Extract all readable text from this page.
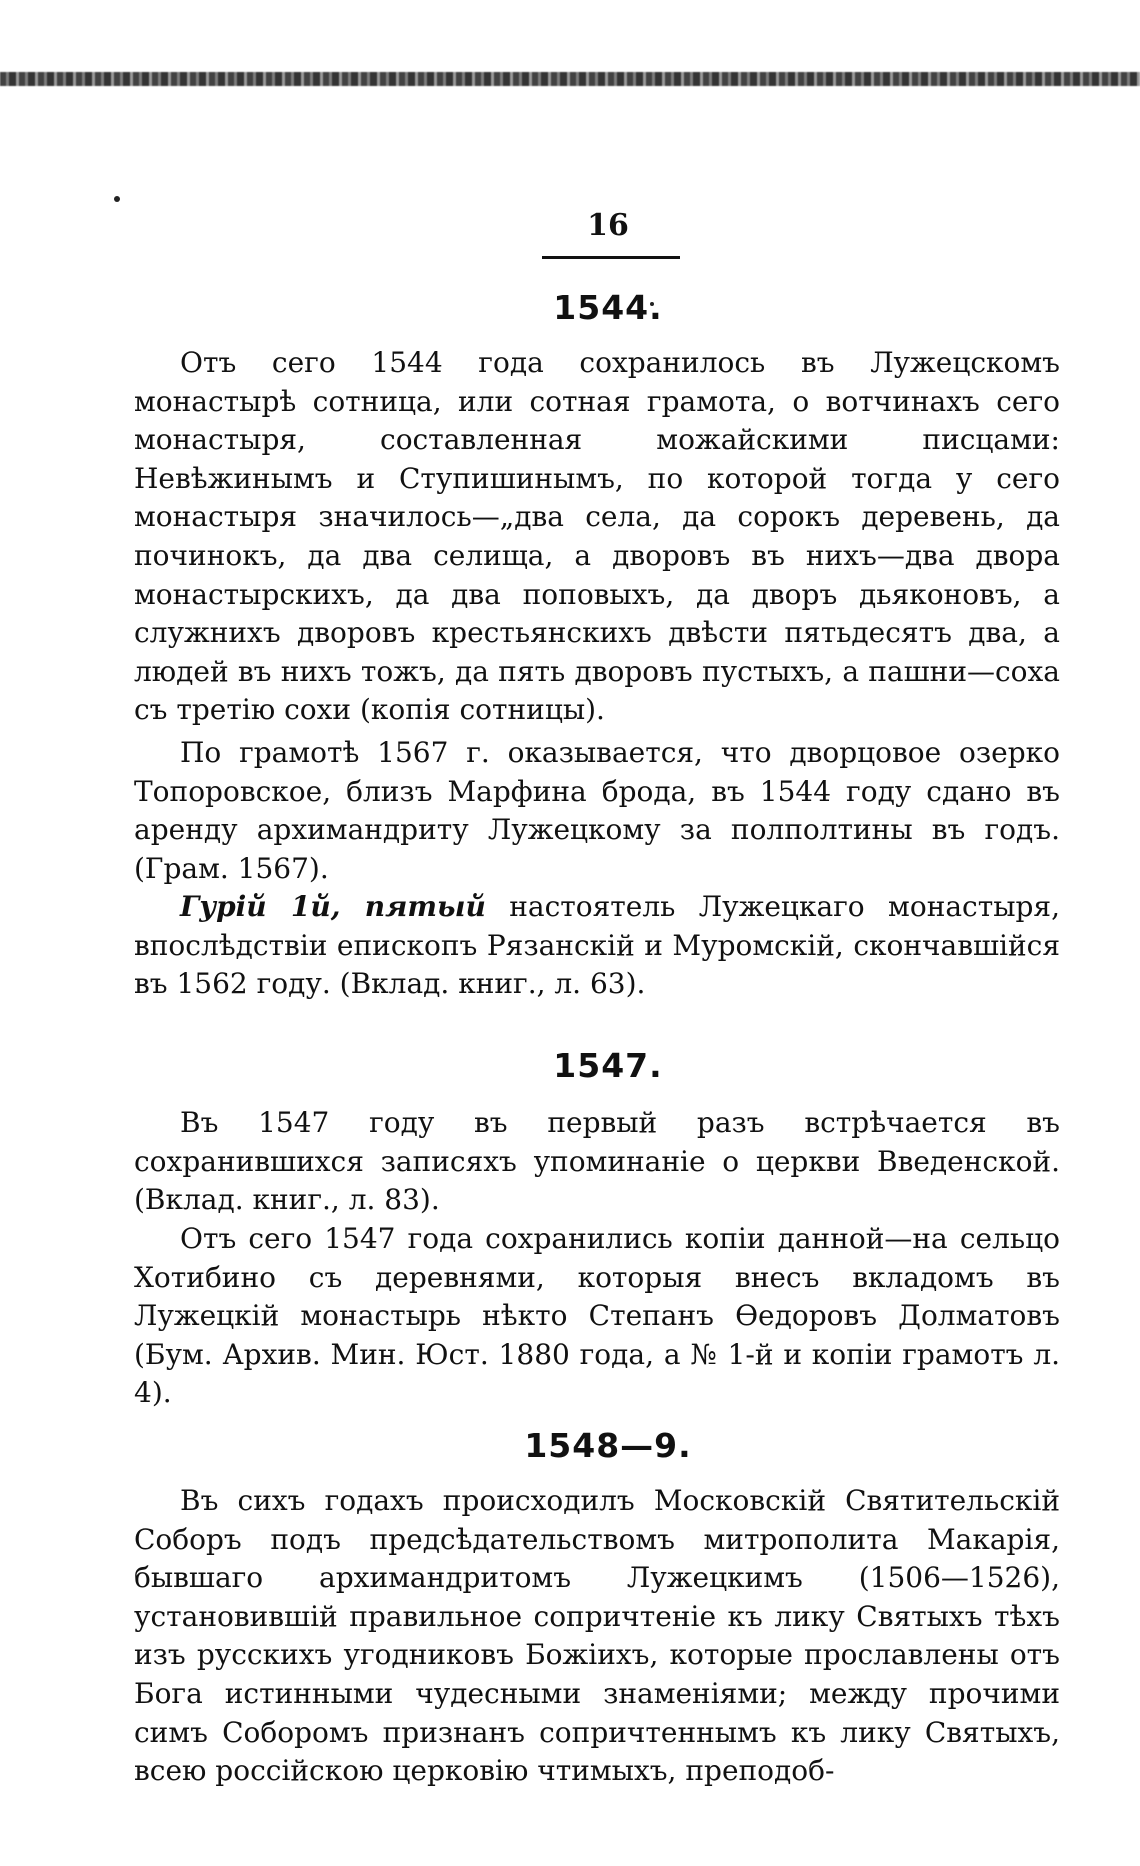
16
1544.

Отъ сего 1544 года сохранилось въ Лужецскомъ монастырѣ сотница, или сотная грамота, о вотчинахъ сего монастыря, составленная можайскими писцами: Невѣжинымъ и Ступишинымъ, по которой тогда у сего монастыря значилось—„два села, да сорокъ деревень, да починокъ, да два селища, а дворовъ въ нихъ—два двора монастырскихъ, да два поповыхъ, да дворъ дьяконовъ, а служнихъ дворовъ крестьянскихъ двѣсти пятьдесятъ два, а людей въ нихъ тожъ, да пять дворовъ пустыхъ, а пашни—соха съ третію сохи (копія сотницы).

По грамотѣ 1567 г. оказывается, что дворцовое озерко Топоровское, близъ Марфина брода, въ 1544 году сдано въ аренду архимандриту Лужецкому за полполтины въ годъ. (Грам. 1567).

Гурій 1й, пятый настоятель Лужецкаго монастыря, впослѣдствіи епископъ Рязанскій и Муромскій, скончавшійся въ 1562 году. (Вклад. книг., л. 63).

1547.

Въ 1547 году въ первый разъ встрѣчается въ сохранившихся записяхъ упоминаніе о церкви Введенской. (Вклад. книг., л. 83).

Отъ сего 1547 года сохранились копіи данной—на сельцо Хотибино съ деревнями, которыя внесъ вкладомъ въ Лужецкій монастырь нѣкто Степанъ Ѳедоровъ Долматовъ (Бум. Архив. Мин. Юст. 1880 года, а № 1-й и копіи грамотъ л. 4).

1548—9.

Въ сихъ годахъ происходилъ Московскій Святительскій Соборъ подъ предсѣдательствомъ митрополита Макарія, бывшаго архимандритомъ Лужецкимъ (1506—1526), установившій правильное сопричтеніе къ лику Святыхъ тѣхъ изъ русскихъ угодниковъ Божіихъ, которые прославлены отъ Бога истинными чудесными знаменіями; между прочими симъ Соборомъ признанъ сопричтеннымъ къ лику Святыхъ, всею россійскою церковію чтимыхъ, преподоб-
